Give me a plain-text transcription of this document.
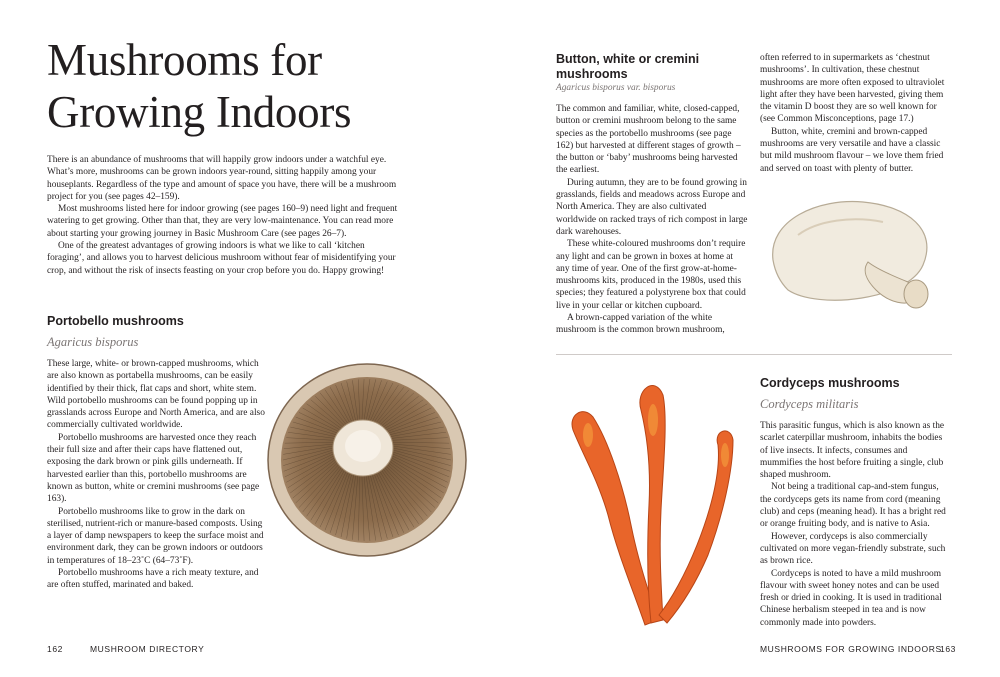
Mushrooms for Growing Indoors

There is an abundance of mushrooms that will happily grow indoors under a watchful eye. What’s more, mushrooms can be grown indoors year-round, sitting happily among your houseplants. Regardless of the type and amount of space you have, there will be a mushroom project for you (see pages 42–159).

Most mushrooms listed here for indoor growing (see pages 160–9) need light and frequent watering to get growing. Other than that, they are very low-maintenance. You can read more about starting your growing journey in Basic Mushroom Care (see pages 26–7).

One of the greatest advantages of growing indoors is what we like to call ‘kitchen foraging’, and allows you to harvest delicious mushroom without fear of misidentifying your crop, and without the risk of insects feasting on your crop before you do. Happy growing!

Portobello mushrooms
Agaricus bisporus

These large, white- or brown-capped mushrooms, which are also known as portabella mushrooms, can be easily identified by their thick, flat caps and short, white stem. Wild portobello mushrooms can be found popping up in grasslands across Europe and North America, and are also commercially cultivated worldwide.

Portobello mushrooms are harvested once they reach their full size and after their caps have flattened out, exposing the dark brown or pink gills underneath. If harvested earlier than this, portobello mushrooms are known as button, white or cremini mushrooms (see page 163).

Portobello mushrooms like to grow in the dark on sterilised, nutrient-rich or manure-based composts. Using a layer of damp newspapers to keep the surface moist and environment dark, they can be grown indoors or outdoors in temperatures of 18–23˚C (64–73˚F).

Portobello mushrooms have a rich meaty texture, and are often stuffed, marinated and baked.

162	MUSHROOM DIRECTORY
Button, white or cremini mushrooms
Agaricus bisporus var. bisporus

The common and familiar, white, closed-capped, button or cremini mushroom belong to the same species as the portobello mushrooms (see page 162) but harvested at different stages of growth – the button or ‘baby’ mushrooms being harvested the earliest.

During autumn, they are to be found growing in grasslands, fields and meadows across Europe and North America. They are also cultivated worldwide on racked trays of rich compost in large dark warehouses.

These white-coloured mushrooms don’t require any light and can be grown in boxes at home at any time of year. One of the first grow-at-home-mushrooms kits, produced in the 1980s, used this species; they featured a polystyrene box that could live in your cellar or kitchen cupboard.

A brown-capped variation of the white mushroom is the common brown mushroom,

often referred to in supermarkets as ‘chestnut mushrooms’. In cultivation, these chestnut mushrooms are more often exposed to ultraviolet light after they have been harvested, giving them the vitamin D boost they are so well known for (see Common Misconceptions, page 17.)

Button, white, cremini and brown-capped mushrooms are very versatile and have a classic but mild mushroom flavour – we love them fried and served on toast with plenty of butter.

Cordyceps mushrooms
Cordyceps militaris

This parasitic fungus, which is also known as the scarlet caterpillar mushroom, inhabits the bodies of live insects. It infects, consumes and mummifies the host before fruiting a single, club shaped mushroom.

Not being a traditional cap-and-stem fungus, the cordyceps gets its name from cord (meaning club) and ceps (meaning head). It has a bright red or orange fruiting body, and is native to Asia.

However, cordyceps is also commercially cultivated on more vegan-friendly substrate, such as brown rice.

Cordyceps is noted to have a mild mushroom flavour with sweet honey notes and can be used fresh or dried in cooking. It is used in traditional Chinese herbalism steeped in tea and is now commonly made into powders.

MUSHROOMS FOR GROWING INDOORS
163
